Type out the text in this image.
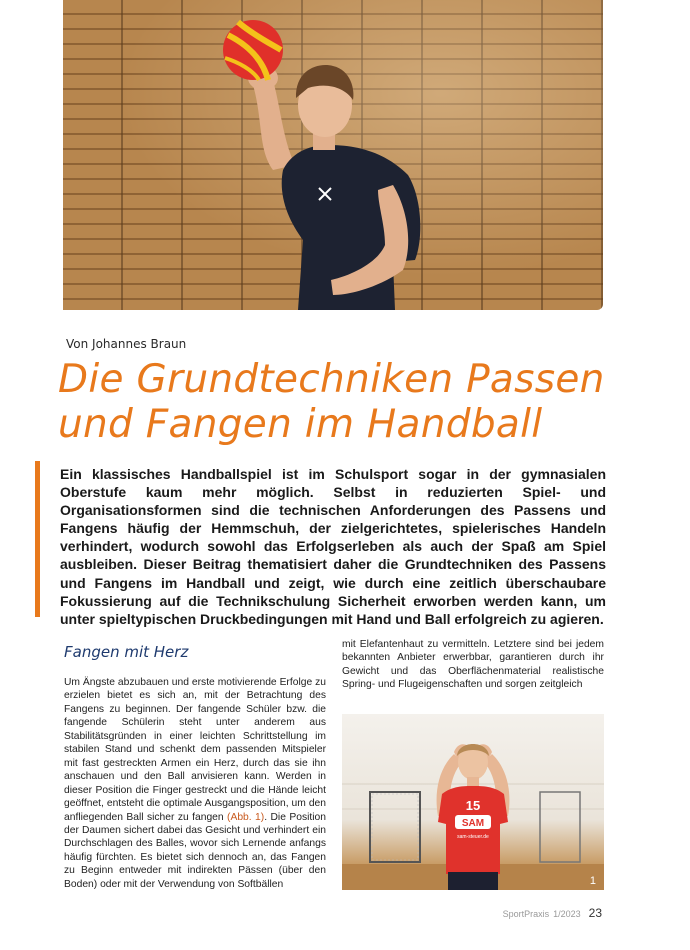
Von Johannes Braun
Die Grundtechniken Passen
und Fangen im Handball

Ein klassisches Handballspiel ist im Schulsport sogar in der gymnasialen Oberstufe kaum mehr möglich. Selbst in reduzierten Spiel- und Organisationsformen sind die technischen Anforderungen des Passens und Fangens häufig der Hemmschuh, der zielgerichtetes, spielerisches Handeln verhindert, wodurch sowohl das Erfolgserleben als auch der Spaß am Spiel ausbleiben. Dieser Beitrag thematisiert daher die Grundtechniken des Passens und Fangens im Handball und zeigt, wie durch eine zeitlich überschaubare Fokussierung auf die Technikschulung Sicherheit erworben werden kann, um unter spieltypischen Druckbedingungen mit Hand und Ball erfolgreich zu agieren.

Fangen mit Herz

Um Ängste abzubauen und erste motivierende Erfolge zu erzielen bietet es sich an, mit der Betrachtung des Fangens zu beginnen. Der fangende Schüler bzw. die fangende Schülerin steht unter anderem aus Stabilitätsgründen in einer leichten Schrittstellung im stabilen Stand und schenkt dem passenden Mitspieler mit fast gestreckten Armen ein Herz, durch das sie ihn anschauen und den Ball anvisieren kann. Werden in dieser Position die Finger gestreckt und die Hände leicht geöffnet, entsteht die optimale Ausgangsposition, um den anfliegenden Ball sicher zu fangen (Abb. 1). Die Position der Daumen sichert dabei das Gesicht und verhindert ein Durchschlagen des Balles, wovor sich Lernende anfangs häufig fürchten. Es bietet sich dennoch an, das Fangen zu Beginn entweder mit indirekten Pässen (über den Boden) oder mit der Verwendung von Softbällen

mit Elefantenhaut zu vermitteln. Letztere sind bei jedem bekannten Anbieter erwerbbar, garantieren durch ihr Gewicht und das Oberflächenmaterial realistische Spring- und Flugeigenschaften und sorgen zeitgleich

15
SAM
sam-steuer.de
1
SportPraxis 1/2023 23
